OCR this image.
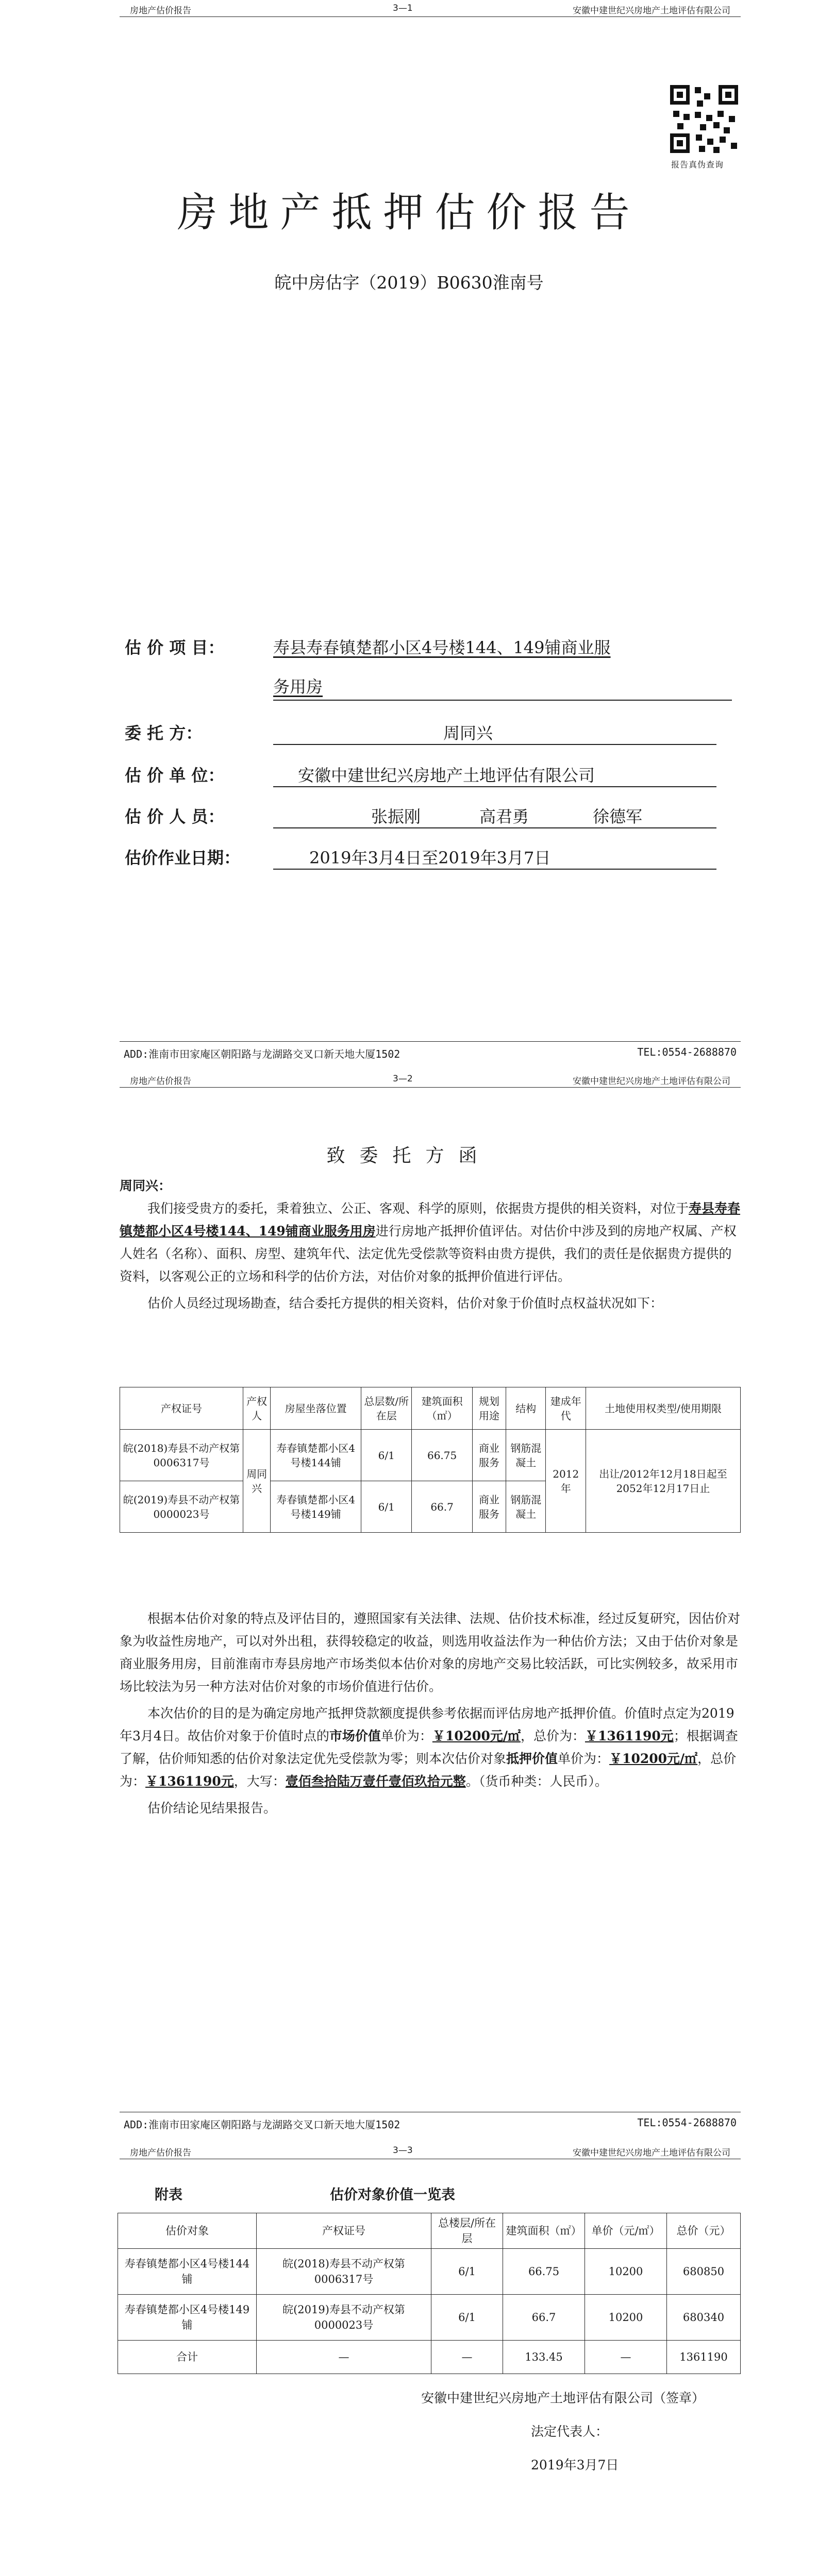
房地产估价报告	3—1	安徽中建世纪兴房地产土地评估有限公司
报告真伪查询
房地产抵押估价报告
皖中房估字（2019）B0630淮南号
估 价 项 目：	寿县寿春镇楚都小区4号楼144、149铺商业服
务用房
委 托 方：	周同兴
估 价 单 位：	安徽中建世纪兴房地产土地评估有限公司
估 价 人 员：	张振刚	高君勇	徐德军
估价作业日期：	2019年3月4日至2019年3月7日
ADD:淮南市田家庵区朝阳路与龙湖路交叉口新天地大厦1502	TEL:0554-2688870
房地产估价报告	3—2	安徽中建世纪兴房地产土地评估有限公司
致委托方函
周同兴：

我们接受贵方的委托，秉着独立、公正、客观、科学的原则，依据贵方提供的相关资料，对位于寿县寿春镇楚都小区4号楼144、149铺商业服务用房进行房地产抵押价值评估。对估价中涉及到的房地产权属、产权人姓名（名称）、面积、房型、建筑年代、法定优先受偿款等资料由贵方提供，我们的责任是依据贵方提供的资料，以客观公正的立场和科学的估价方法，对估价对象的抵押价值进行评估。

估价人员经过现场勘查，结合委托方提供的相关资料，估价对象于价值时点权益状况如下：

产权证号	产权人	房屋坐落位置	总层数/所在层	建筑面积（㎡）	规划用途	结构	建成年代	土地使用权类型/使用期限
皖(2018)寿县不动产权第0006317号	周同兴	寿春镇楚都小区4号楼144铺	6/1	66.75	商业服务	钢筋混凝土	2012年	出让/2012年12月18日起至2052年12月17日止
皖(2019)寿县不动产权第0000023号		寿春镇楚都小区4号楼149铺	6/1	66.7	商业服务	钢筋混凝土		

根据本估价对象的特点及评估目的，遵照国家有关法律、法规、估价技术标准，经过反复研究，因估价对象为收益性房地产，可以对外出租，获得较稳定的收益，则选用收益法作为一种估价方法；又由于估价对象是商业服务用房，目前淮南市寿县房地产市场类似本估价对象的房地产交易比较活跃，可比实例较多，故采用市场比较法为另一种方法对估价对象的市场价值进行估价。

本次估价的目的是为确定房地产抵押贷款额度提供参考依据而评估房地产抵押价值。价值时点定为2019年3月4日。故估价对象于价值时点的市场价值单价为：￥10200元/㎡，总价为：￥1361190元；根据调查了解，估价师知悉的估价对象法定优先受偿款为零；则本次估价对象抵押价值单价为：￥10200元/㎡，总价为：￥1361190元，大写：壹佰叁拾陆万壹仟壹佰玖拾元整。（货币种类：人民币）。

估价结论见结果报告。

ADD:淮南市田家庵区朝阳路与龙湖路交叉口新天地大厦1502	TEL:0554-2688870
房地产估价报告	3—3	安徽中建世纪兴房地产土地评估有限公司
附表	估价对象价值一览表
估价对象	产权证号	总楼层/所在层	建筑面积（㎡）	单价（元/㎡）	总价（元）
寿春镇楚都小区4号楼144铺	皖(2018)寿县不动产权第0006317号	6/1	66.75	10200	680850
寿春镇楚都小区4号楼149铺	皖(2019)寿县不动产权第0000023号	6/1	66.7	10200	680340
合计	—	—	133.45	—	1361190
安徽中建世纪兴房地产土地评估有限公司（签章）
法定代表人：
2019年3月7日
